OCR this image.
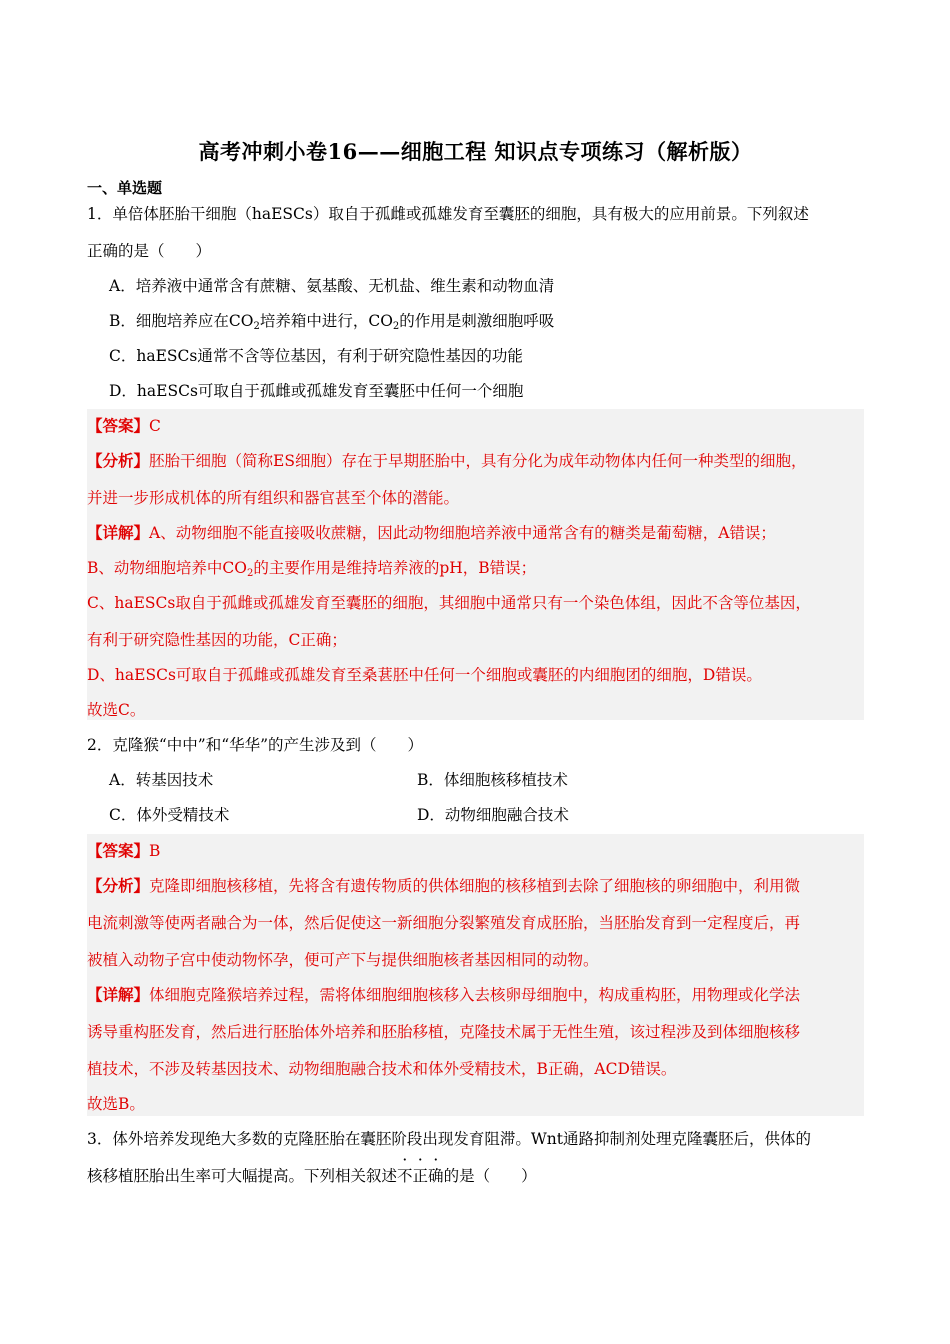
高考冲刺小卷16——细胞工程 知识点专项练习（解析版）
一、单选题
1．单倍体胚胎干细胞（haESCs）取自于孤雌或孤雄发育至囊胚的细胞，具有极大的应用前景。下列叙述
正确的是（　　）
A．培养液中通常含有蔗糖、氨基酸、无机盐、维生素和动物血清
B．细胞培养应在$CO_2$培养箱中进行，$CO_2$的作用是刺激细胞呼吸
C．haESCs通常不含等位基因，有利于研究隐性基因的功能
D．haESCs可取自于孤雌或孤雄发育至囊胚中任何一个细胞
【答案】C
【分析】胚胎干细胞（简称ES细胞）存在于早期胚胎中，具有分化为成年动物体内任何一种类型的细胞，
并进一步形成机体的所有组织和器官甚至个体的潜能。
【详解】A、动物细胞不能直接吸收蔗糖，因此动物细胞培养液中通常含有的糖类是葡萄糖，A错误；
B、动物细胞培养中$CO_2$的主要作用是维持培养液的pH，B错误；
C、haESCs取自于孤雌或孤雄发育至囊胚的细胞，其细胞中通常只有一个染色体组，因此不含等位基因，
有利于研究隐性基因的功能，C正确；
D、haESCs可取自于孤雌或孤雄发育至桑葚胚中任何一个细胞或囊胚的内细胞团的细胞，D错误。
故选C。
2．克隆猴“中中”和“华华”的产生涉及到（　　）
A．转基因技术	B．体细胞核移植技术
C．体外受精技术	D．动物细胞融合技术
【答案】B
【分析】克隆即细胞核移植，先将含有遗传物质的供体细胞的核移植到去除了细胞核的卵细胞中，利用微
电流刺激等使两者融合为一体，然后促使这一新细胞分裂繁殖发育成胚胎，当胚胎发育到一定程度后，再
被植入动物子宫中使动物怀孕，便可产下与提供细胞核者基因相同的动物。
【详解】体细胞克隆猴培养过程，需将体细胞细胞核移入去核卵母细胞中，构成重构胚，用物理或化学法
诱导重构胚发育，然后进行胚胎体外培养和胚胎移植，克隆技术属于无性生殖，该过程涉及到体细胞核移
植技术，不涉及转基因技术、动物细胞融合技术和体外受精技术，B正确，ACD错误。
故选B。
3．体外培养发现绝大多数的克隆胚胎在囊胚阶段出现发育阻滞。Wnt通路抑制剂处理克隆囊胚后，供体的
核移植胚胎出生率可大幅提高。下列相关叙述不正确的是（　　）
